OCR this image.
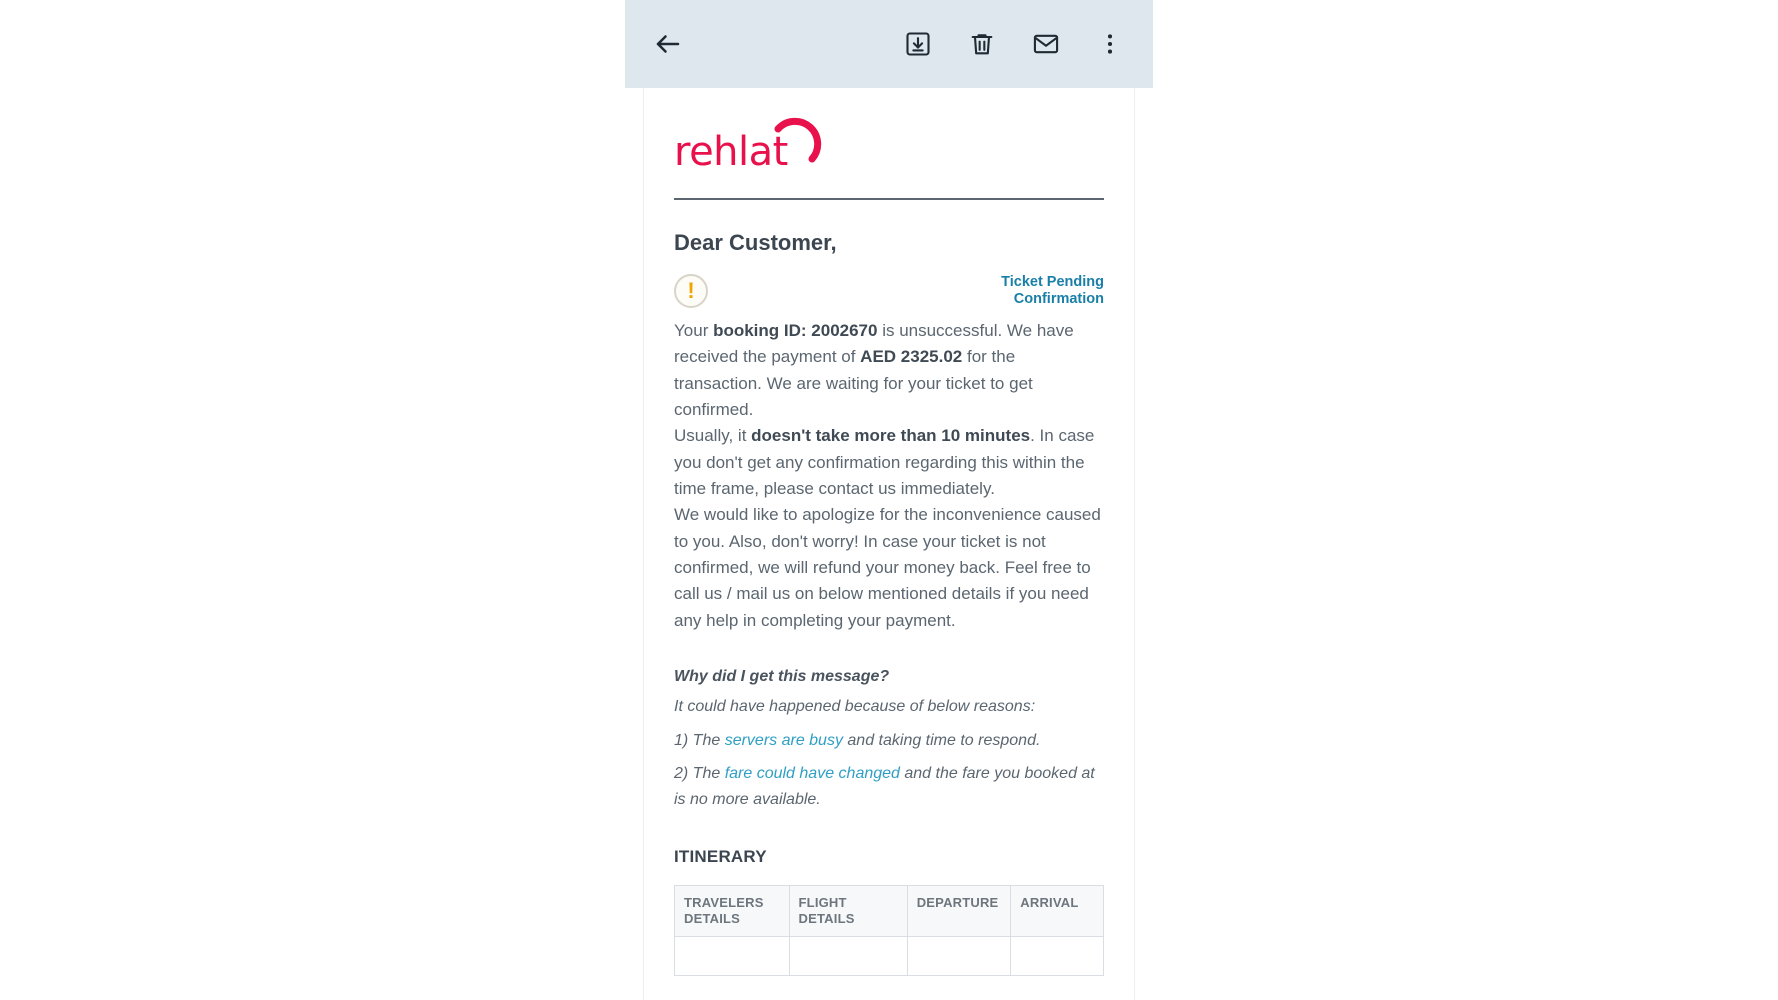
rehlat
Dear Customer,
!	Ticket Pending Confirmation

Your booking ID: 2002670 is unsuccessful. We have received the payment of AED 2325.02 for the transaction. We are waiting for your ticket to get confirmed.

Usually, it doesn't take more than 10 minutes. In case you don't get any confirmation regarding this within the time frame, please contact us immediately.

We would like to apologize for the inconvenience caused to you. Also, don't worry! In case your ticket is not confirmed, we will refund your money back. Feel free to call us / mail us on below mentioned details if you need any help in completing your payment.

Why did I get this message?

It could have happened because of below reasons:

1) The servers are busy and taking time to respond.

2) The fare could have changed and the fare you booked at is no more available.

ITINERARY
TRAVELERS DETAILS	FLIGHT DETAILS	DEPARTURE	ARRIVAL
